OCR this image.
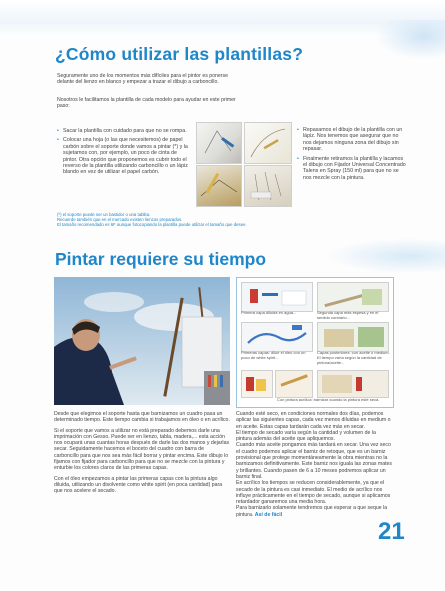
¿Cómo utilizar las plantillas?

Seguramente uno de los momentos más difíciles para el pintor es ponerse delante del lienzo en blanco y empezar a trazar el dibujo a carboncillo.

Nosotros le facilitamos la plantilla de cada modelo para ayudar en este primer paso:

• Sacar la plantilla con cuidado para que no se rompa.
• Colocar una hoja (o las que necesitemos) de papel carbón sobre el soporte donde vamos a pintar (*) y la sujetamos con, por ejemplo, un poco de cinta de pintor. Otra opción que proponemos es cubrir todo el reverso de la plantilla utilizando carboncillo o un lápiz blando en vez de utilizar el papel carbón.
• Repasamos el dibujo de la plantilla con un lápiz. Nos tenemos que asegurar que no nos dejamos ninguna zona del dibujo sin repasar.
• Finalmente retiramos la plantilla y lacamos el dibujo con Fijador Universal Concentrado Talens en Spray (150 ml) para que no se nos mezcle con la pintura.
(*) el soporte puede ser un bastidor o una tablita.
Recuerde también que en el mercado existen lienzos preparados.
El tamaño recomendado es 6F aunque fotocopiando la plantilla puede utilizar el tamaño que desee.
Pintar requiere su tiempo
Primera capa diluida en agua...	Segunda capa más espesa y en el sentido contrario...
Primeras capas: diluir el óleo con un poco de white spirit...
Capas posteriores: con aceite o medium. El tiempo varía según la cantidad de pintura/aceite...
Con pintura acrílica: barnizar cuando la pintura esté seca.

Desde que elegimos el soporte hasta que barnizamos un cuadro pasa un determinado tiempo. Este tiempo cambia si trabajamos en óleo o en acrílico.

Si el soporte que vamos a utilizar no está preparado debemos darle una imprimación con Gesso. Puede ser en lienzo, tabla, madera,... esta acción nos ocupará unas cuantas horas después de darle las dos manos y dejarlas secar. Seguidamente hacemos el boceto del cuadro con barra de carboncillo para que nos sea más fácil borrar y pintar encima. Este dibujo lo fijamos con fijador para carboncillo para que no se mezcle con la pintura y enturbie los colores claros de las primeras capas.

Con el óleo empezamos a pintar las primeras capas con la pintura algo diluida, utilizando un disolvente como white spirit (en poca cantidad) para que nos acelere el secado.

Cuando esté seco, en condiciones normales dos días, podemos aplicar las siguientes capas, cada vez menos diluidas en medium o en aceite. Estas capas tardarán cada vez más en secar.

El tiempo de secado varía según la cantidad y volumen de la pintura además del aceite que apliquemos.

Cuando más aceite pongamos más tardará en secar. Una vez seco el cuadro podemos aplicar el barniz de retoque, que es un barniz provisional que protege momentáneamente la obra mientras no la barnizamos definitivamente. Este barniz nos iguala las zonas mates y brillantes. Cuando pasen de 6 a 10 meses podremos aplicar un barniz final.

En acrílico los tiempos se reducen considerablemente, ya que el secado de la pintura es casi inmediato. El medio de acrílico nos influye prácticamente en el tiempo de secado, aunque si aplicamos retardador ganaremos una media hora.

Para barnizarlo solamente tendremos que esperar a que seque la pintura. Así de fácil

21
